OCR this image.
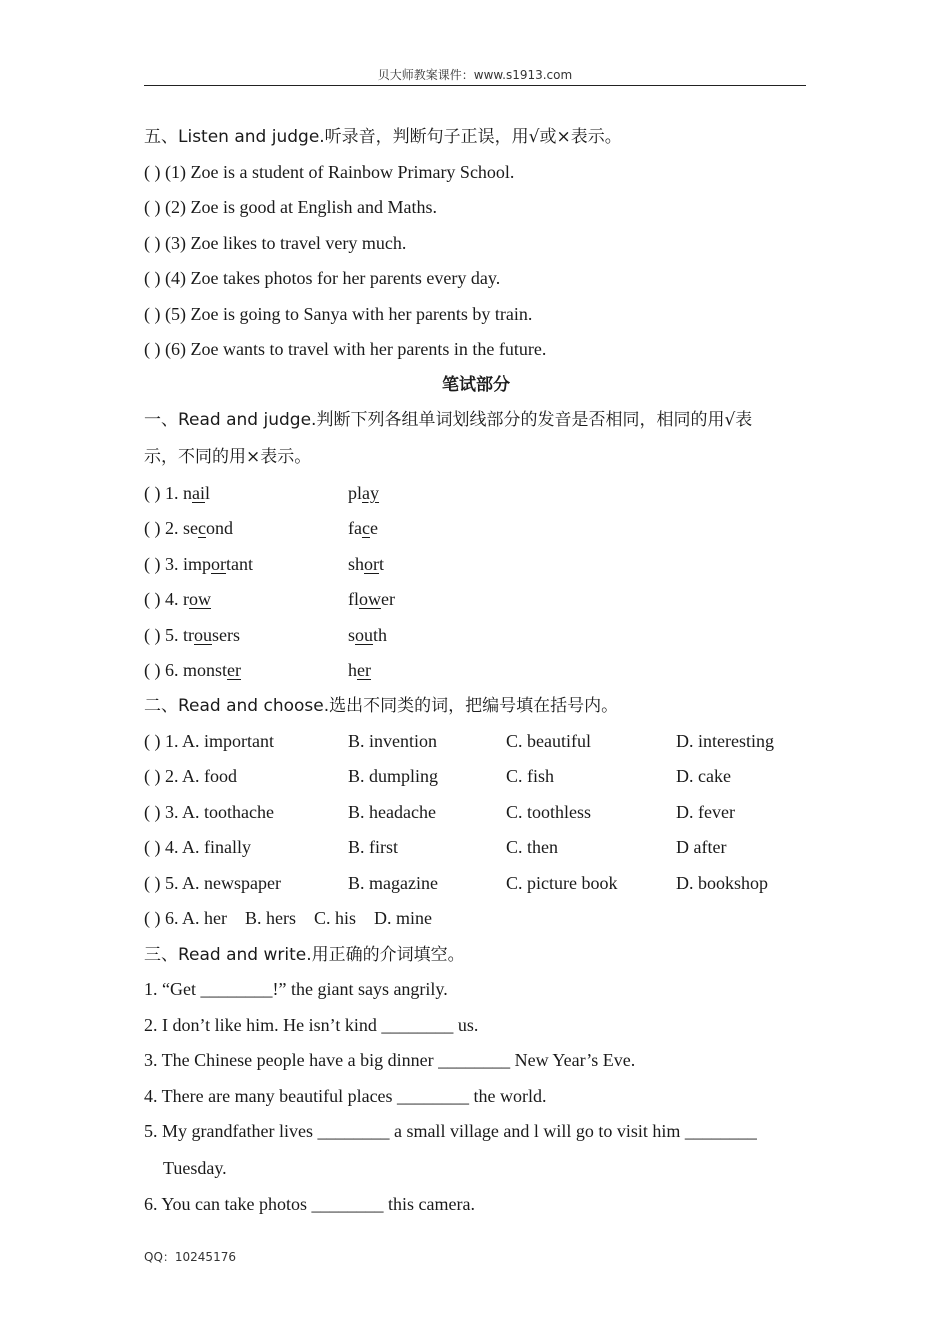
贝大师教案课件：www.s1913.com
五、Listen and judge.听录音，判断句子正误，用√或×表示。
( ) (1) Zoe is a student of Rainbow Primary School.
( ) (2) Zoe is good at English and Maths.
( ) (3) Zoe likes to travel very much.
( ) (4) Zoe takes photos for her parents every day.
( ) (5) Zoe is going to Sanya with her parents by train.
( ) (6) Zoe wants to travel with her parents in the future.
笔试部分
一、Read and judge.判断下列各组单词划线部分的发音是否相同，相同的用√表
示，不同的用×表示。
( ) 1. nail	play
( ) 2. second	face
( ) 3. important	short
( ) 4. row	flower
( ) 5. trousers	south
( ) 6. monster	her
二、Read and choose.选出不同类的词，把编号填在括号内。
( ) 1. A. important	B. invention	C. beautiful	D. interesting
( ) 2. A. food	B. dumpling	C. fish	D. cake
( ) 3. A. toothache	B. headache	C. toothless	D. fever
( ) 4. A. finally	B. first	C. then	D after
( ) 5. A. newspaper	B. magazine	C. picture book	D. bookshop
( ) 6. A. her    B. hers    C. his    D. mine
三、Read and write.用正确的介词填空。
1. “Get ________!” the giant says angrily.
2. I don’t like him. He isn’t kind ________ us.
3. The Chinese people have a big dinner ________ New Year’s Eve.
4. There are many beautiful places ________ the world.
5. My grandfather lives ________ a small village and l will go to visit him ________
Tuesday.
6. You can take photos ________ this camera.
QQ：10245176
